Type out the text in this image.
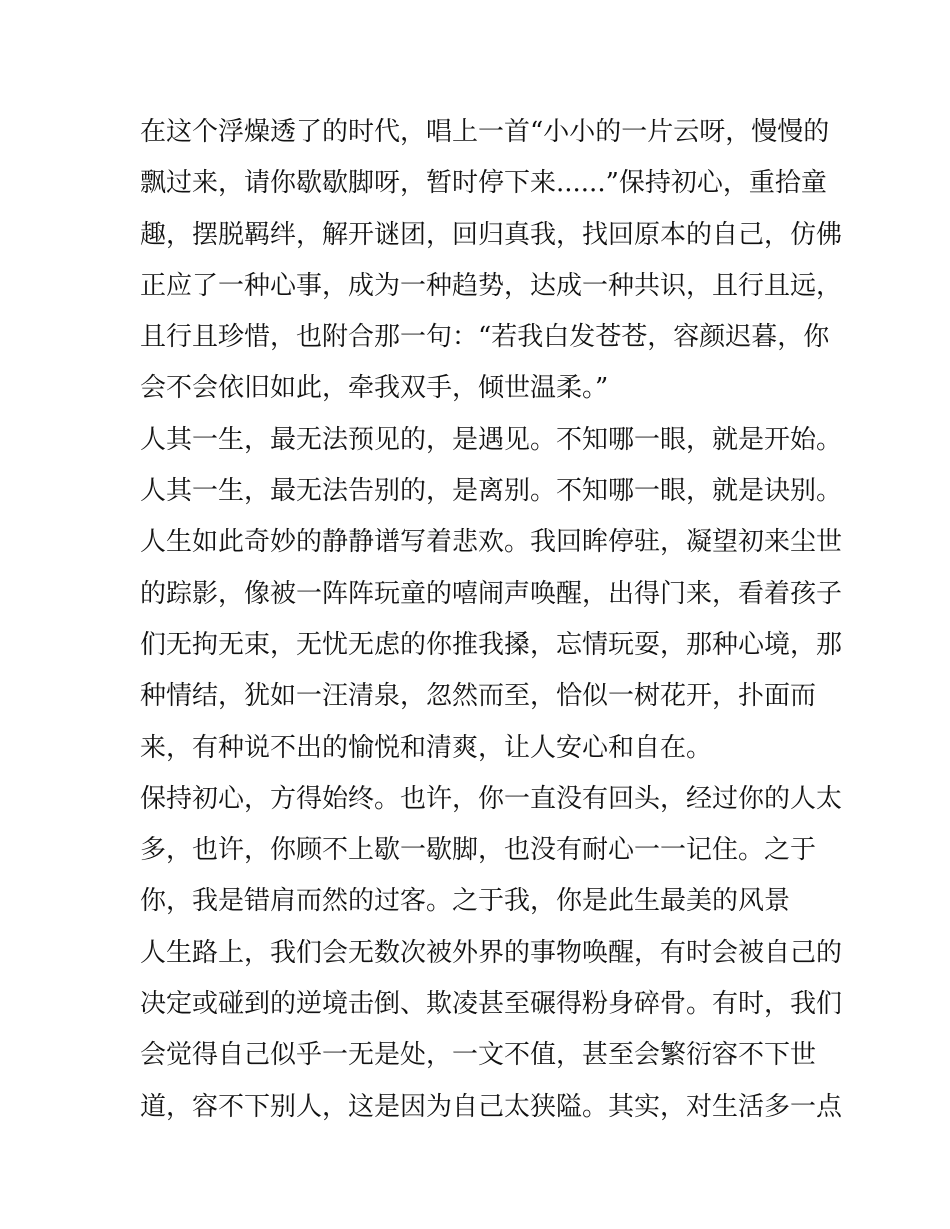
在这个浮燥透了的时代，唱上一首“小小的一片云呀，慢慢的
飘过来，请你歇歇脚呀，暂时停下来......”保持初心，重拾童
趣，摆脱羁绊，解开谜团，回归真我，找回原本的自己，仿佛
正应了一种心事，成为一种趋势，达成一种共识，且行且远，
且行且珍惜，也附合那一句：“若我白发苍苍，容颜迟暮，你
会不会依旧如此，牵我双手，倾世温柔。”
人其一生，最无法预见的，是遇见。不知哪一眼，就是开始。
人其一生，最无法告别的，是离别。不知哪一眼，就是诀别。
人生如此奇妙的静静谱写着悲欢。我回眸停驻，凝望初来尘世
的踪影，像被一阵阵玩童的嘻闹声唤醒，出得门来，看着孩子
们无拘无束，无忧无虑的你推我搡，忘情玩耍，那种心境，那
种情结，犹如一汪清泉，忽然而至，恰似一树花开，扑面而
来，有种说不出的愉悦和清爽，让人安心和自在。
保持初心，方得始终。也许，你一直没有回头，经过你的人太
多，也许，你顾不上歇一歇脚，也没有耐心一一记住。之于
你，我是错肩而然的过客。之于我，你是此生最美的风景
人生路上，我们会无数次被外界的事物唤醒，有时会被自己的
决定或碰到的逆境击倒、欺凌甚至碾得粉身碎骨。有时，我们
会觉得自己似乎一无是处，一文不值，甚至会繁衍容不下世
道，容不下别人，这是因为自己太狭隘。其实，对生活多一点
